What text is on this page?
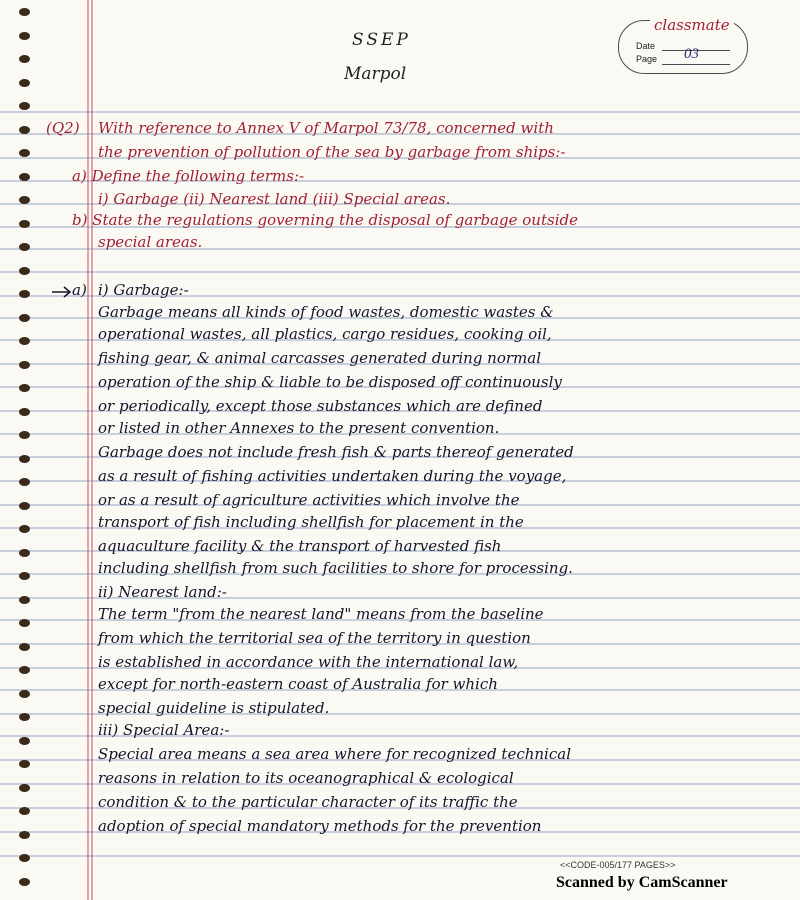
SSEP
Marpol
classmate
Date
Page 03
(Q2) With reference to Annex V of Marpol 73/78, concerned with
the prevention of pollution of the sea by garbage from ships:-
a) Define the following terms:-
i) Garbage (ii) Nearest land (iii) Special areas.
b) State the regulations governing the disposal of garbage outside
special areas.
a) i) Garbage:-
Garbage means all kinds of food wastes, domestic wastes &
operational wastes, all plastics, cargo residues, cooking oil,
fishing gear, & animal carcasses generated during normal
operation of the ship & liable to be disposed off continuously
or periodically, except those substances which are defined
or listed in other Annexes to the present convention.
Garbage does not include fresh fish & parts thereof generated
as a result of fishing activities undertaken during the voyage,
or as a result of agriculture activities which involve the
transport of fish including shellfish for placement in the
aquaculture facility & the transport of harvested fish
including shellfish from such facilities to shore for processing.
ii) Nearest land:-
The term "from the nearest land" means from the baseline
from which the territorial sea of the territory in question
is established in accordance with the international law,
except for north-eastern coast of Australia for which
special guideline is stipulated.
iii) Special Area:-
Special area means a sea area where for recognized technical
reasons in relation to its oceanographical & ecological
condition & to the particular character of its traffic the
adoption of special mandatory methods for the prevention
<<CODE-005/177 PAGES>>
Scanned by CamScanner
